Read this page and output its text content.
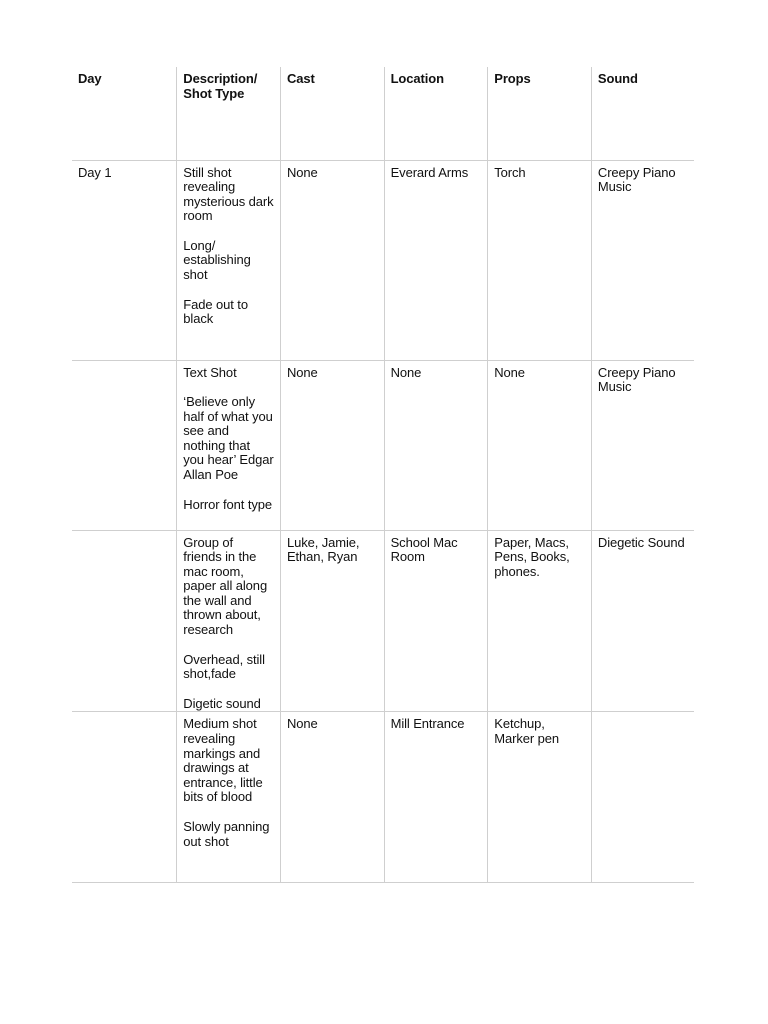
Day	Description/ Shot Type	Cast	Location	Props	Sound
Day 1	Still shot revealing mysterious dark room
Long/ establishing shot
Fade out to black	None	Everard Arms	Torch	Creepy Piano Music

	Text Shot
‘Believe only half of what you see and nothing that you hear’ Edgar Allan Poe
Horror font type	None	None	None	Creepy Piano Music

	Group of friends in the mac room, paper all along the wall and thrown about, research
Overhead, still shot,fade
Digetic sound	Luke, Jamie, Ethan, Ryan	School Mac Room	Paper, Macs, Pens, Books, phones.	Diegetic Sound

	Medium shot revealing markings and drawings at entrance, little bits of blood
Slowly panning out shot	None	Mill Entrance	Ketchup, Marker pen	
